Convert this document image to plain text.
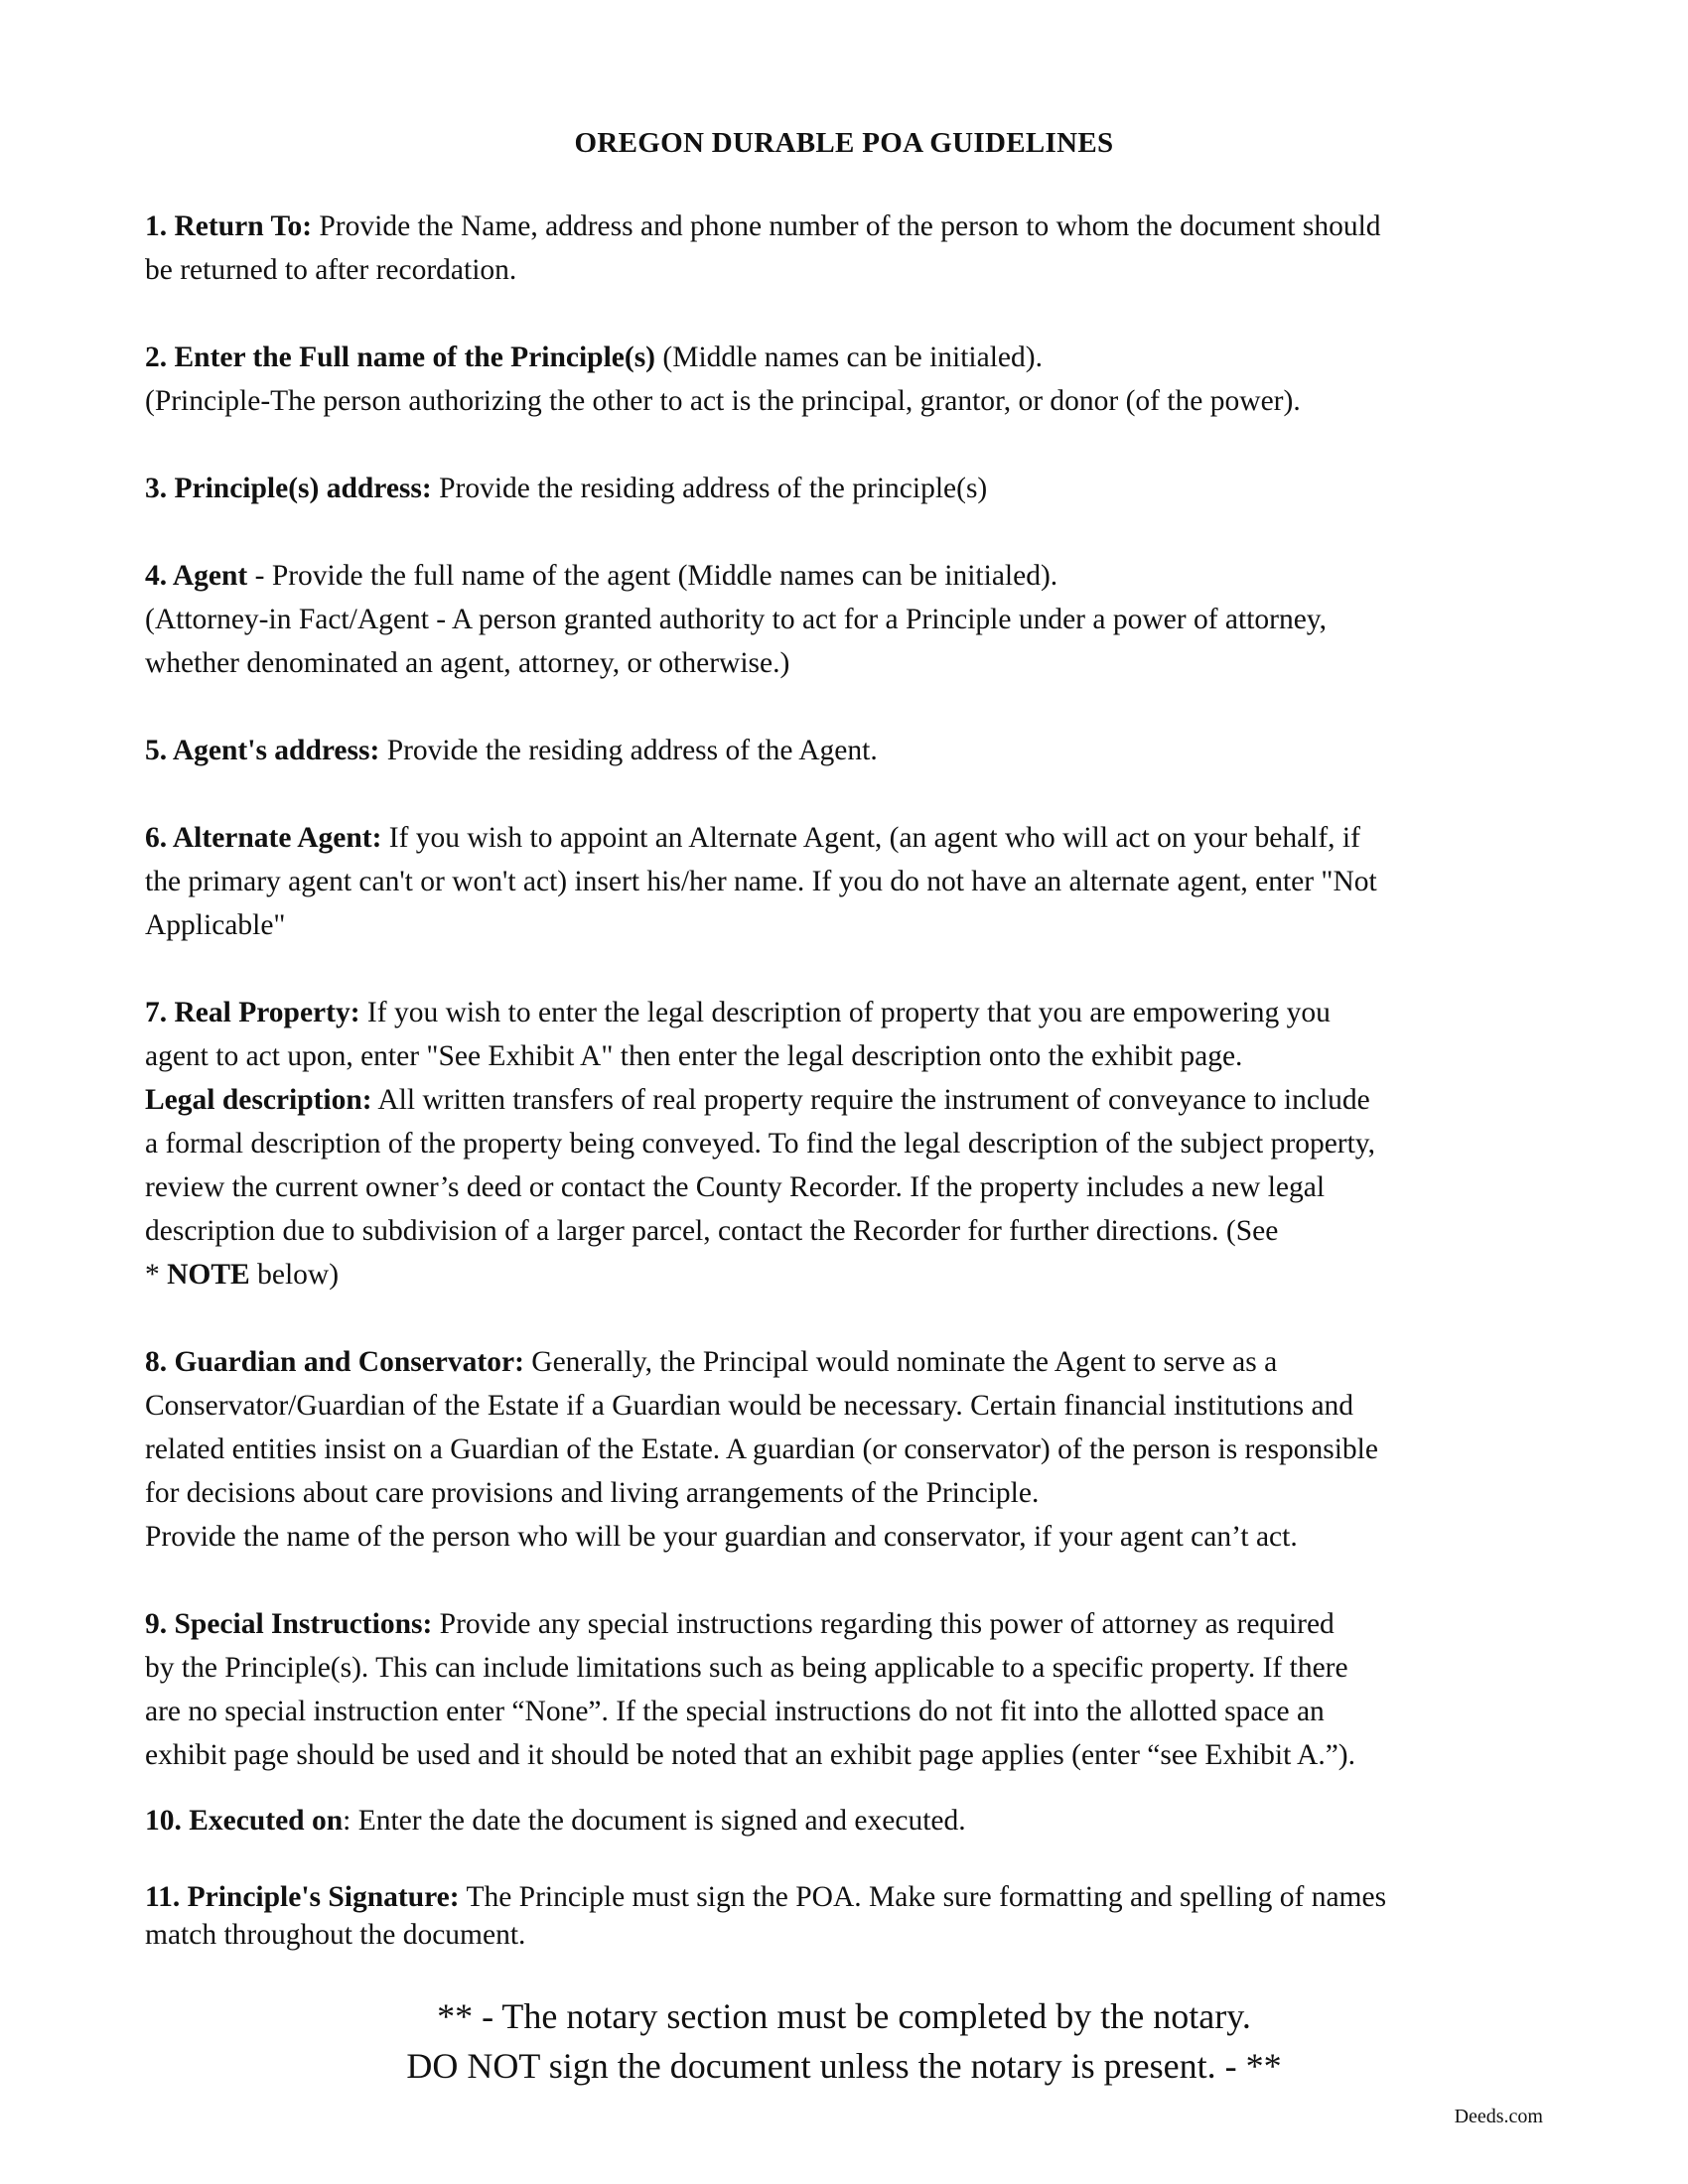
OREGON DURABLE POA GUIDELINES

1. Return To: Provide the Name, address and phone number of the person to whom the document should
be returned to after recordation.

2. Enter the Full name of the Principle(s) (Middle names can be initialed).
(Principle-The person authorizing the other to act is the principal, grantor, or donor (of the power).

3. Principle(s) address: Provide the residing address of the principle(s)

4. Agent - Provide the full name of the agent (Middle names can be initialed).
(Attorney-in Fact/Agent - A person granted authority to act for a Principle under a power of attorney,
whether denominated an agent, attorney, or otherwise.)

5. Agent's address: Provide the residing address of the Agent.

6. Alternate Agent: If you wish to appoint an Alternate Agent, (an agent who will act on your behalf, if
the primary agent can't or won't act) insert his/her name. If you do not have an alternate agent, enter "Not
Applicable"

7. Real Property: If you wish to enter the legal description of property that you are empowering you
agent to act upon, enter "See Exhibit A" then enter the legal description onto the exhibit page.
Legal description: All written transfers of real property require the instrument of conveyance to include
a formal description of the property being conveyed. To find the legal description of the subject property,
review the current owner’s deed or contact the County Recorder. If the property includes a new legal
description due to subdivision of a larger parcel, contact the Recorder for further directions. (See
* NOTE below)

8. Guardian and Conservator: Generally, the Principal would nominate the Agent to serve as a
Conservator/Guardian of the Estate if a Guardian would be necessary. Certain financial institutions and
related entities insist on a Guardian of the Estate. A guardian (or conservator) of the person is responsible
for decisions about care provisions and living arrangements of the Principle.
Provide the name of the person who will be your guardian and conservator, if your agent can’t act.

9. Special Instructions: Provide any special instructions regarding this power of attorney as required
by the Principle(s). This can include limitations such as being applicable to a specific property. If there
are no special instruction enter “None”. If the special instructions do not fit into the allotted space an
exhibit page should be used and it should be noted that an exhibit page applies (enter “see Exhibit A.”).

10. Executed on: Enter the date the document is signed and executed.

11. Principle's Signature: The Principle must sign the POA. Make sure formatting and spelling of names
match throughout the document.

** - The notary section must be completed by the notary.
DO NOT sign the document unless the notary is present. - **
Deeds.com
